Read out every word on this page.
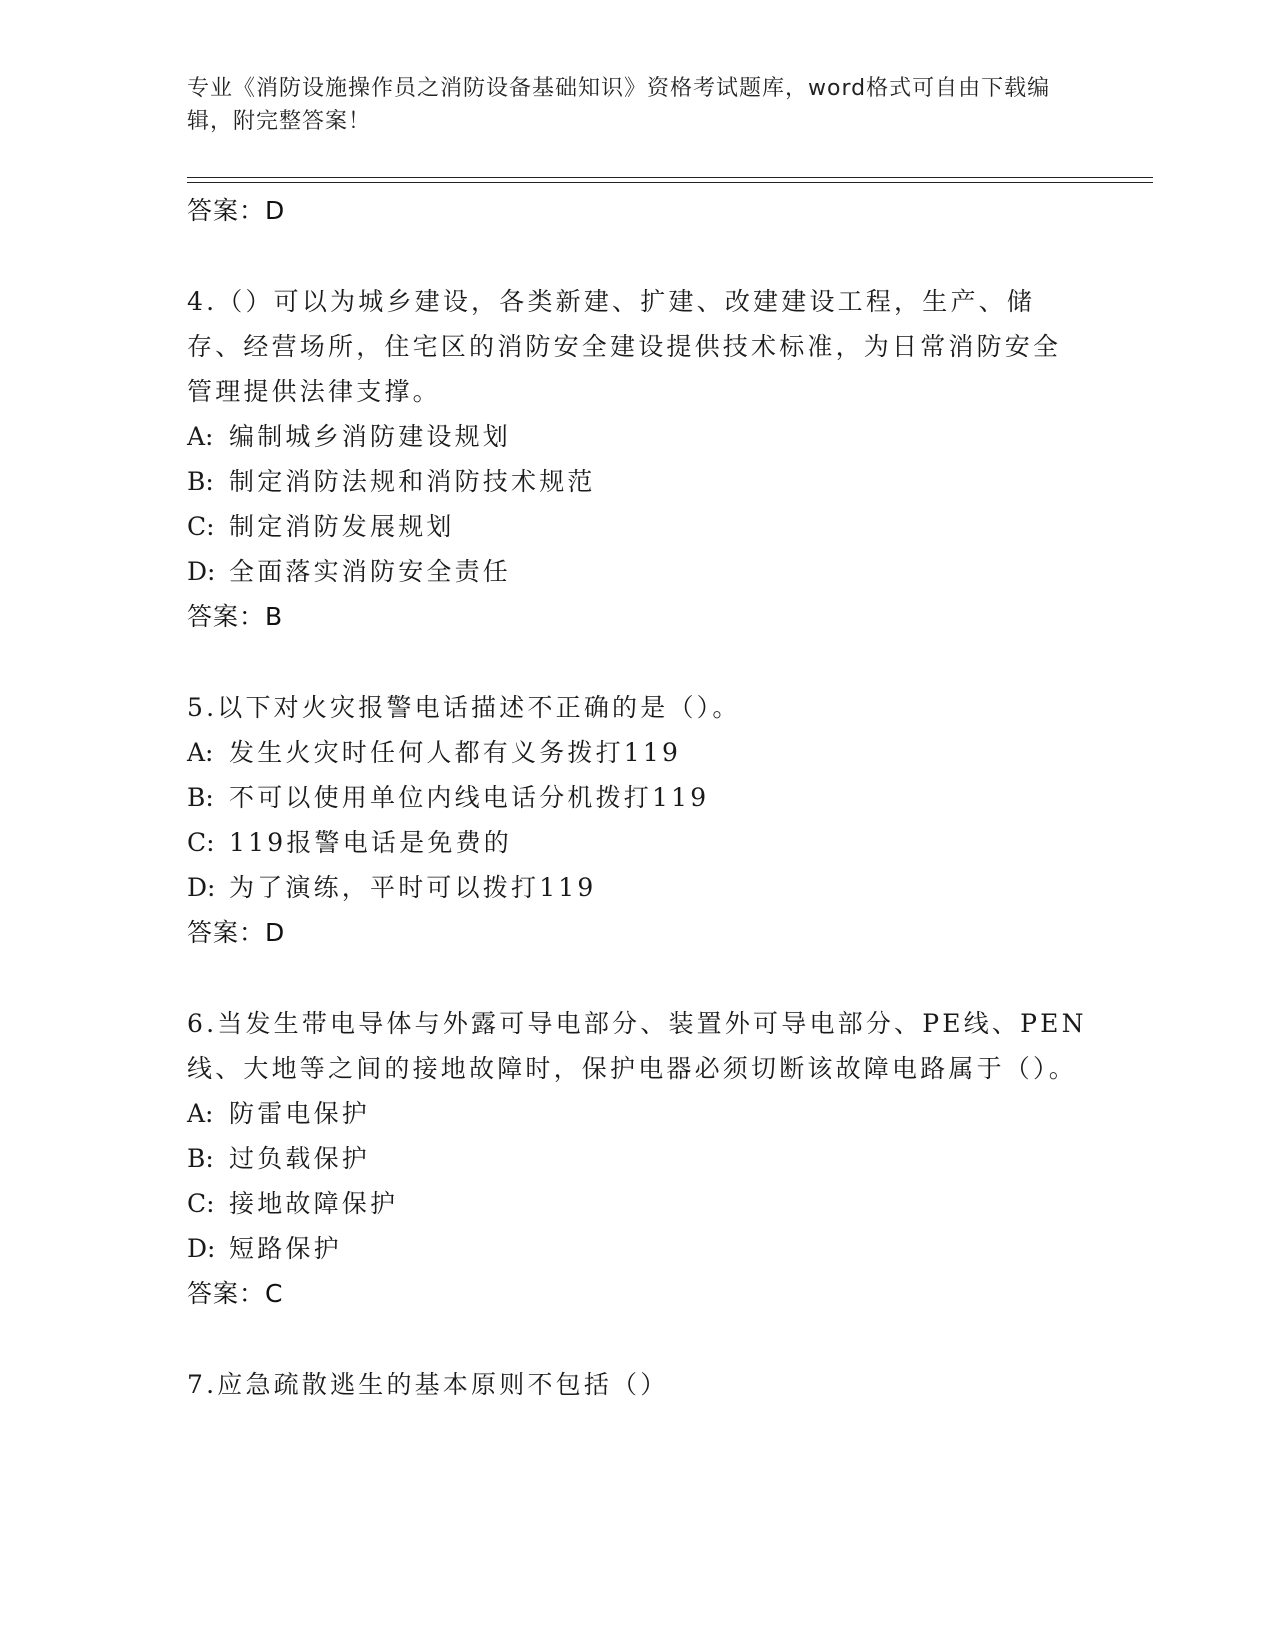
专业《消防设施操作员之消防设备基础知识》资格考试题库，word格式可自由下载编辑，附完整答案！
答案：D

4.（）可以为城乡建设，各类新建、扩建、改建建设工程，生产、储存、经营场所，住宅区的消防安全建设提供技术标准，为日常消防安全管理提供法律支撑。

A: 编制城乡消防建设规划
B: 制定消防法规和消防技术规范
C: 制定消防发展规划
D: 全面落实消防安全责任
答案：B

5.以下对火灾报警电话描述不正确的是（）。

A: 发生火灾时任何人都有义务拨打119
B: 不可以使用单位内线电话分机拨打119
C: 119报警电话是免费的
D: 为了演练，平时可以拨打119
答案：D

6.当发生带电导体与外露可导电部分、装置外可导电部分、PE线、PEN线、大地等之间的接地故障时，保护电器必须切断该故障电路属于（）。

A: 防雷电保护
B: 过负载保护
C: 接地故障保护
D: 短路保护
答案：C

7.应急疏散逃生的基本原则不包括（）
